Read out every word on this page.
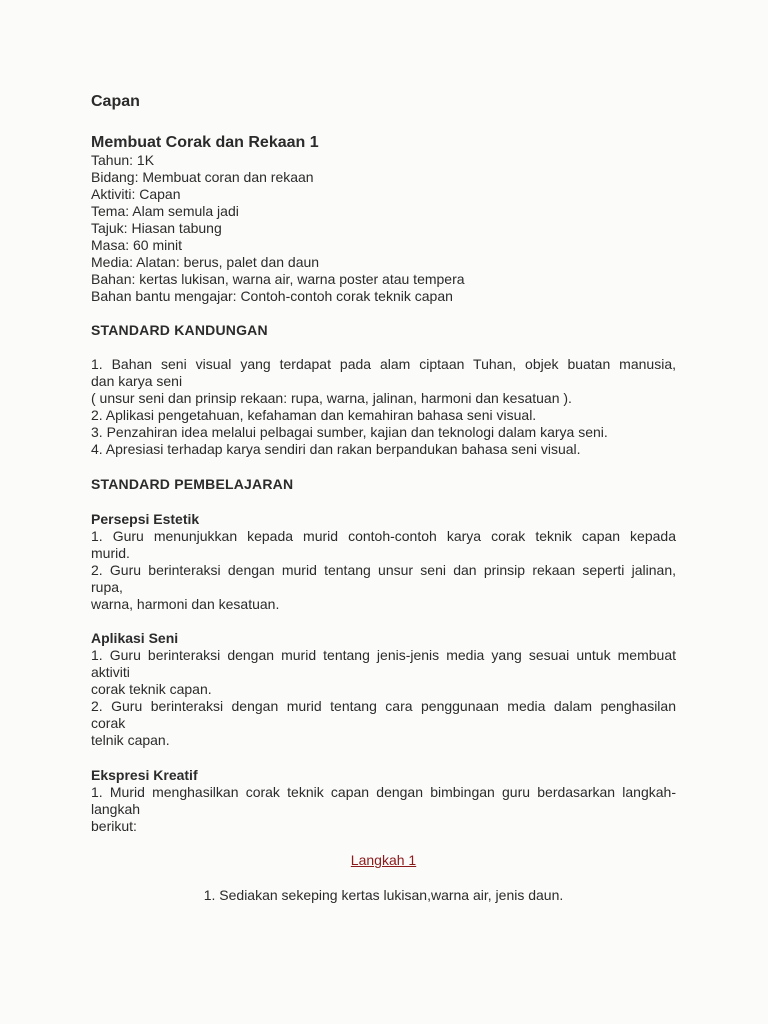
Capan
Membuat Corak dan Rekaan 1
Tahun: 1K
Bidang: Membuat coran dan rekaan
Aktiviti: Capan
Tema: Alam semula jadi
Tajuk: Hiasan tabung
Masa: 60 minit
Media: Alatan: berus, palet dan daun
Bahan: kertas lukisan, warna air, warna poster atau tempera
Bahan bantu mengajar: Contoh-contoh corak teknik capan
STANDARD KANDUNGAN
1. Bahan seni visual yang terdapat pada alam ciptaan Tuhan, objek buatan manusia,
dan karya seni
( unsur seni dan prinsip rekaan: rupa, warna, jalinan, harmoni dan kesatuan ).
2. Aplikasi pengetahuan, kefahaman dan kemahiran bahasa seni visual.
3. Penzahiran idea melalui pelbagai sumber, kajian dan teknologi dalam karya seni.
4. Apresiasi terhadap karya sendiri dan rakan berpandukan bahasa seni visual.
STANDARD PEMBELAJARAN
Persepsi Estetik
1. Guru menunjukkan kepada murid contoh-contoh karya corak teknik capan kepada
murid.
2. Guru berinteraksi dengan murid tentang unsur seni dan prinsip rekaan seperti jalinan,
rupa,
warna, harmoni dan kesatuan.
Aplikasi Seni
1. Guru berinteraksi dengan murid tentang jenis-jenis media yang sesuai untuk membuat
aktiviti
corak teknik capan.
2. Guru berinteraksi dengan murid tentang cara penggunaan media dalam penghasilan
corak
telnik capan.
Ekspresi Kreatif
1. Murid menghasilkan corak teknik capan dengan bimbingan guru berdasarkan langkah-
langkah
berikut:
Langkah 1
1. Sediakan sekeping kertas lukisan,warna air, jenis daun.
